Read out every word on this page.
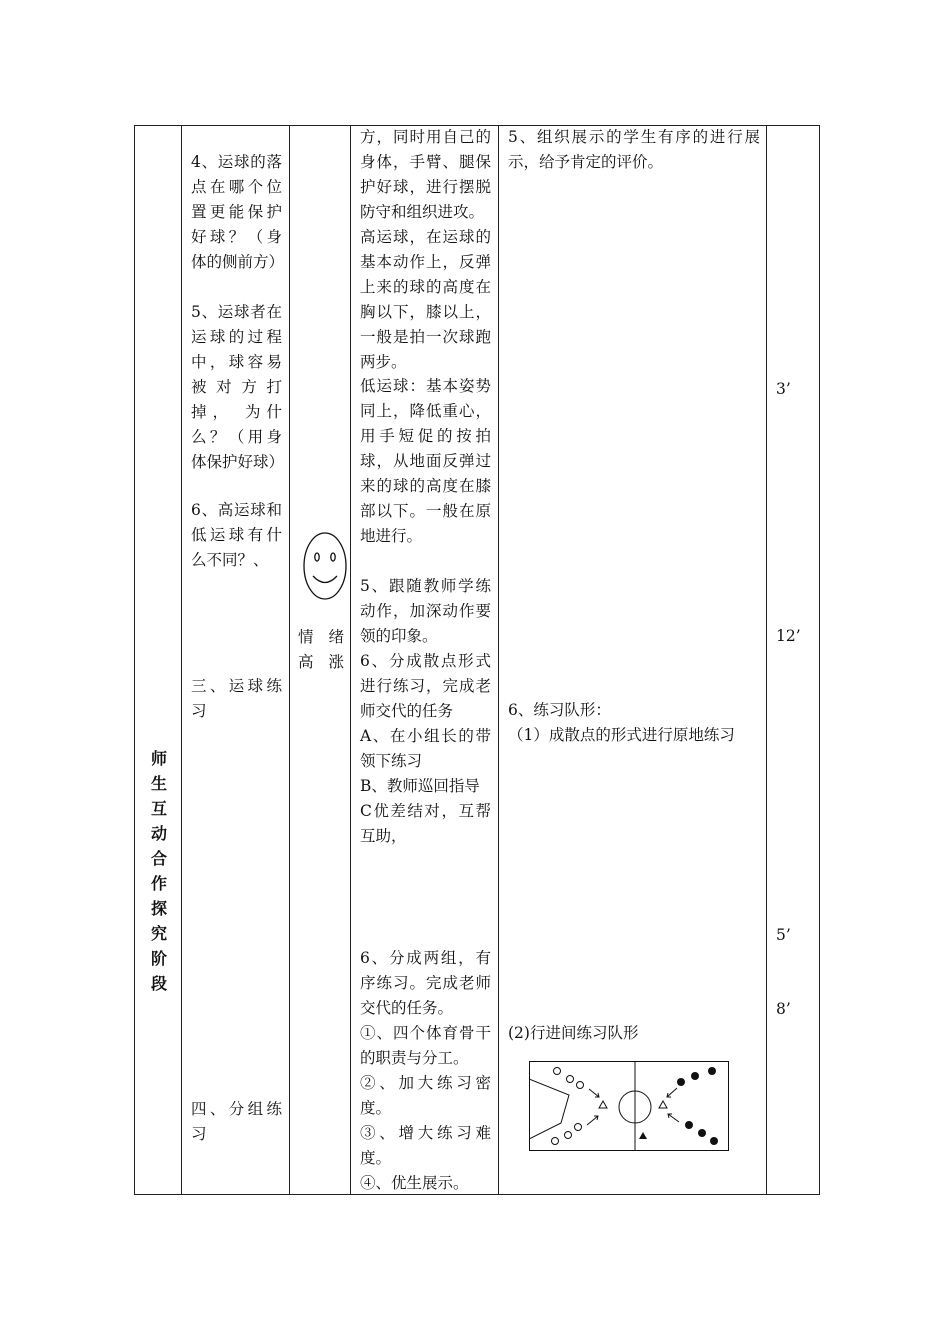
师生互动合作探究阶段
4、运球的落点在哪个位置更能保护好球？（身体的侧前方）
5、运球者在运球的过程中，球容易被对方打掉， 为什么？（用身体保护好球）
6、高运球和低运球有什么不同？、
三、运球练习
四、分组练习
情绪高涨
方，同时用自己的身体，手臂、腿保护好球，进行摆脱防守和组织进攻。
高运球，在运球的基本动作上，反弹上来的球的高度在胸以下，膝以上，一般是拍一次球跑两步。
低运球：基本姿势同上，降低重心，用手短促的按拍球，从地面反弹过来的球的高度在膝部以下。一般在原地进行。
5、跟随教师学练动作，加深动作要领的印象。
6、分成散点形式进行练习，完成老师交代的任务
A、在小组长的带领下练习
B、教师巡回指导
C优差结对，互帮互助，
6、分成两组，有序练习。完成老师交代的任务。
①、四个体育骨干的职责与分工。
②、加大练习密度。
③、增大练习难度。
④、优生展示。
5、组织展示的学生有序的进行展示，给予肯定的评价。
6、练习队形：
（1）成散点的形式进行原地练习
(2)行进间练习队形
3’
12’
5’
8’
